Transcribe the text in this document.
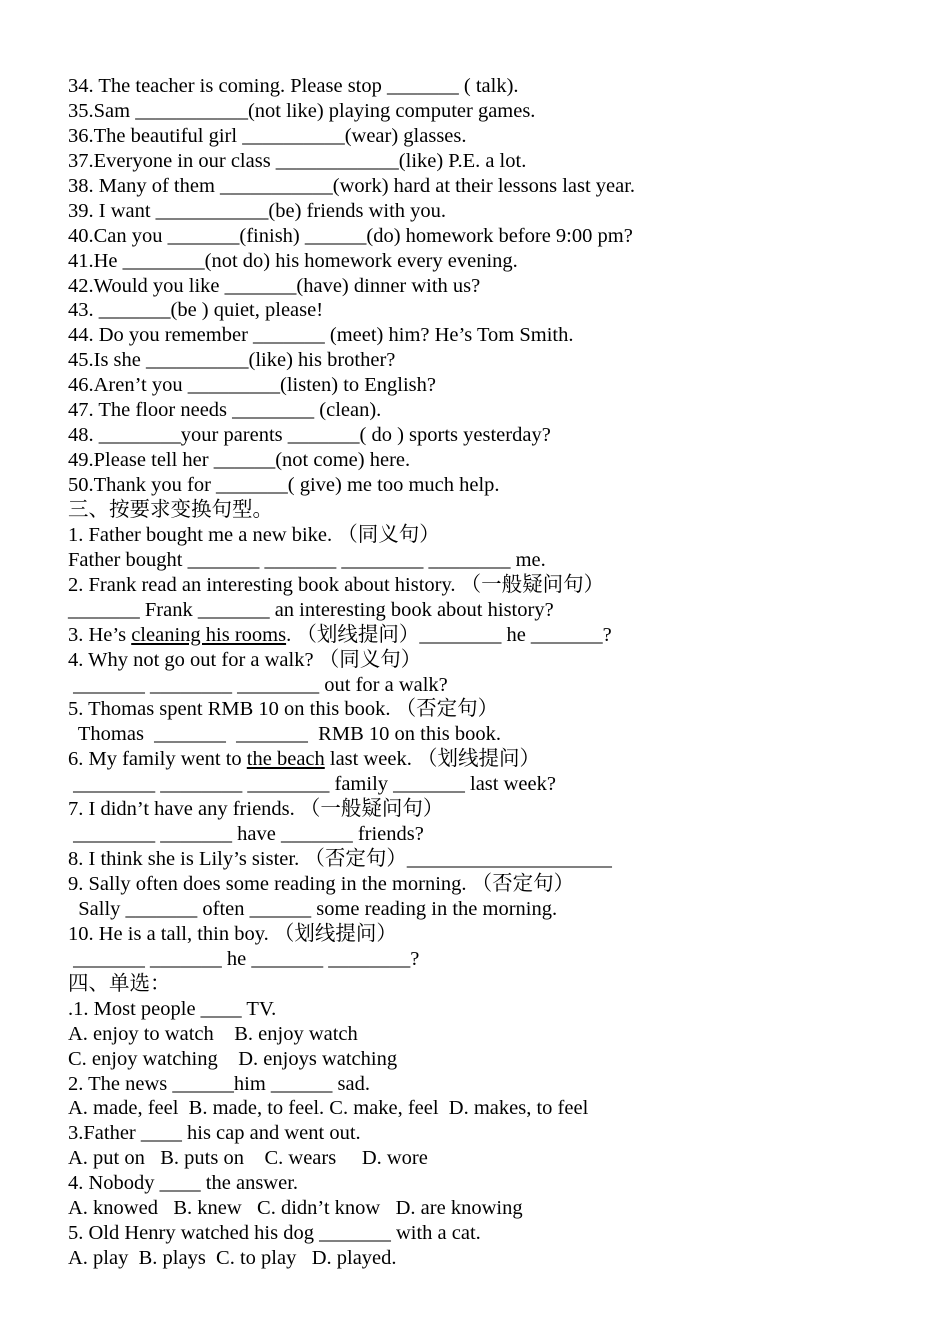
34. The teacher is coming. Please stop _______ ( talk).
35.Sam ___________(not like) playing computer games.
36.The beautiful girl __________(wear) glasses.
37.Everyone in our class ____________(like) P.E. a lot.
38. Many of them ___________(work) hard at their lessons last year.
39. I want ___________(be) friends with you.
40.Can you _______(finish) ______(do) homework before 9:00 pm?
41.He ________(not do) his homework every evening.
42.Would you like _______(have) dinner with us?
43. _______(be ) quiet, please!
44. Do you remember _______ (meet) him? He’s Tom Smith.
45.Is she __________(like) his brother?
46.Aren’t you _________(listen) to English?
47. The floor needs ________ (clean).
48. ________your parents _______( do ) sports yesterday?
49.Please tell her ______(not come) here.
50.Thank you for _______( give) me too much help.
三、按要求变换句型。
1. Father bought me a new bike. （同义句）
Father bought _______ _______ ________ ________ me.
2. Frank read an interesting book about history. （一般疑问句）
_______ Frank _______ an interesting book about history?
3. He’s cleaning his rooms. （划线提问）________ he _______?
4. Why not go out for a walk? （同义句）
_______ ________ ________ out for a walk?
5. Thomas spent RMB 10 on this book. （否定句）
Thomas  _______  _______  RMB 10 on this book.
6. My family went to the beach last week. （划线提问）
________ ________ ________ family _______ last week?
7. I didn’t have any friends. （一般疑问句）
________ _______ have _______ friends?
8. I think she is Lily’s sister. （否定句）____________________
9. Sally often does some reading in the morning. （否定句）
Sally _______ often ______ some reading in the morning.
10. He is a tall, thin boy. （划线提问）
_______ _______ he _______ ________?
四、单选：
.1. Most people ____ TV.
A. enjoy to watch    B. enjoy watch
C. enjoy watching    D. enjoys watching
2. The news ______him ______ sad.
A. made, feel  B. made, to feel. C. make, feel  D. makes, to feel
3.Father ____ his cap and went out.
A. put on   B. puts on    C. wears     D. wore
4. Nobody ____ the answer.
A. knowed   B. knew   C. didn’t know   D. are knowing
5. Old Henry watched his dog _______ with a cat.
A. play  B. plays  C. to play   D. played.
